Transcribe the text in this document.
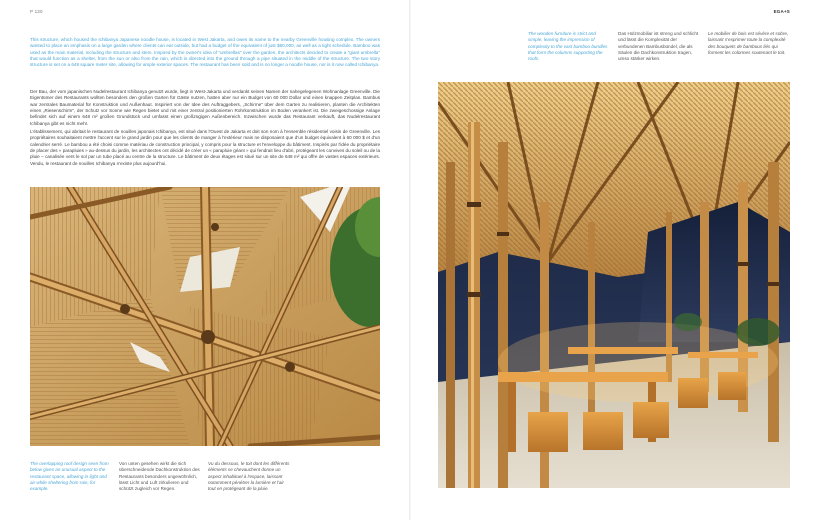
P 130	EGA+S

This structure, which housed the Ichibanya Japanese noodle house, is located in West Jakarta, and owes its name to the nearby Greenville housing complex. The owners wanted to place an emphasis on a large garden where clients can eat outside, but had a budget of the equivalent of just $60,000, as well as a tight schedule. Bamboo was used as the main material, including the structure and stem. Inspired by the owner's idea of "umbrellas" over the garden, the architects decided to create a "giant umbrella" that would function as a shelter, from the sun or also from the rain, which is directed into the ground through a pipe situated in the middle of the structure. The two story structure is set on a 648 square meter site, allowing for ample exterior spaces. The restaurant has been sold and is no longer a noodle house, nor is it now called Ichibanya.

Der Bau, der vom japanischen Nudelrestaurant Ichibanya genutzt wurde, liegt in West-Jakarta und verdankt seinen Namen der nahegelegenen Wohnanlage Greenville. Die Eigentümer des Restaurants wollten besonders den großen Garten für Gäste nutzen, hatten aber nur ein Budget von 60 000 Dollar und einen knappen Zeitplan. Bambus war zentrales Baumaterial für Konstruktion und Außenhaut. Inspiriert von der Idee des Auftraggebers, „Schirme" über dem Garten zu realisieren, planten die Architekten einen „Riesenschirm", der Schutz vor Sonne wie Regen bietet und mit einer zentral positionierten Rohrkonstruktion im Boden verankert ist. Die zweigeschossige Anlage befindet sich auf einem 648 m² großen Grundstück und umfasst einen großzügigen Außenbereich. Inzwischen wurde das Restaurant verkauft, das Nudelrestaurant Ichibanya gibt es nicht mehr.

L'établissement, qui abritait le restaurant de nouilles japonais Ichibanya, est situé dans l'Ouest de Jakarta et doit son nom à l'ensemble résidentiel voisin de Greenville. Les propriétaires souhaitaient mettre l'accent sur le grand jardin pour que les clients de manger à l'extérieur mais ne disposaient que d'un budget équivalent à 60 000 $ et d'un calendrier serré. Le bambou a été choisi comme matériau de construction principal, y compris pour la structure et l'enveloppe du bâtiment. Inspirés par l'idée du propriétaire de placer des « parapluies » au-dessus du jardin, les architectes ont décidé de créer un « parapluie géant » qui fendrait lieu d'abri, protégeant les convives du soleil ou de la pluie – canalisée vers le sol par un tube placé au centre de la structure. Le bâtiment de deux étages est situé sur un site de 648 m² qui offre de vastes espaces extérieurs. Vendu, le restaurant de nouilles Ichibanya n'existe plus aujourd'hui.

The overlapping roof design seen from below gives an unusual aspect to the restaurant space, allowing in light and air while sheltering from rain, for example.

Von unten gesehen wirkt die sich überschneidende Dachkonstruktion des Restaurants besonders ungewöhnlich, lässt Licht und Luft zirkulieren und schützt zugleich vor Regen.

Vu du dessous, le toit dont les différents éléments se chevauchent donne un aspect inhabituel à l'espace, laissant notamment pénétrer la lumière et l'air tout en protégeant de la pluie.

The wooden furniture is strict and simple, leaving the impression of complexity to the vast bamboo bundles that form the columns supporting the roofs.

Das Holzmobiliar ist streng und schlicht und lässt die Komplexität der verbundenen Bambusbündel, die als Säulen die Dachkonstruktion tragen, umso stärker wirken.

Le mobilier de bois est sévère et sobre, laissant s'exprimer toute la complexité des bouquets de bambous liés qui forment les colonnes soutenant le toit.
